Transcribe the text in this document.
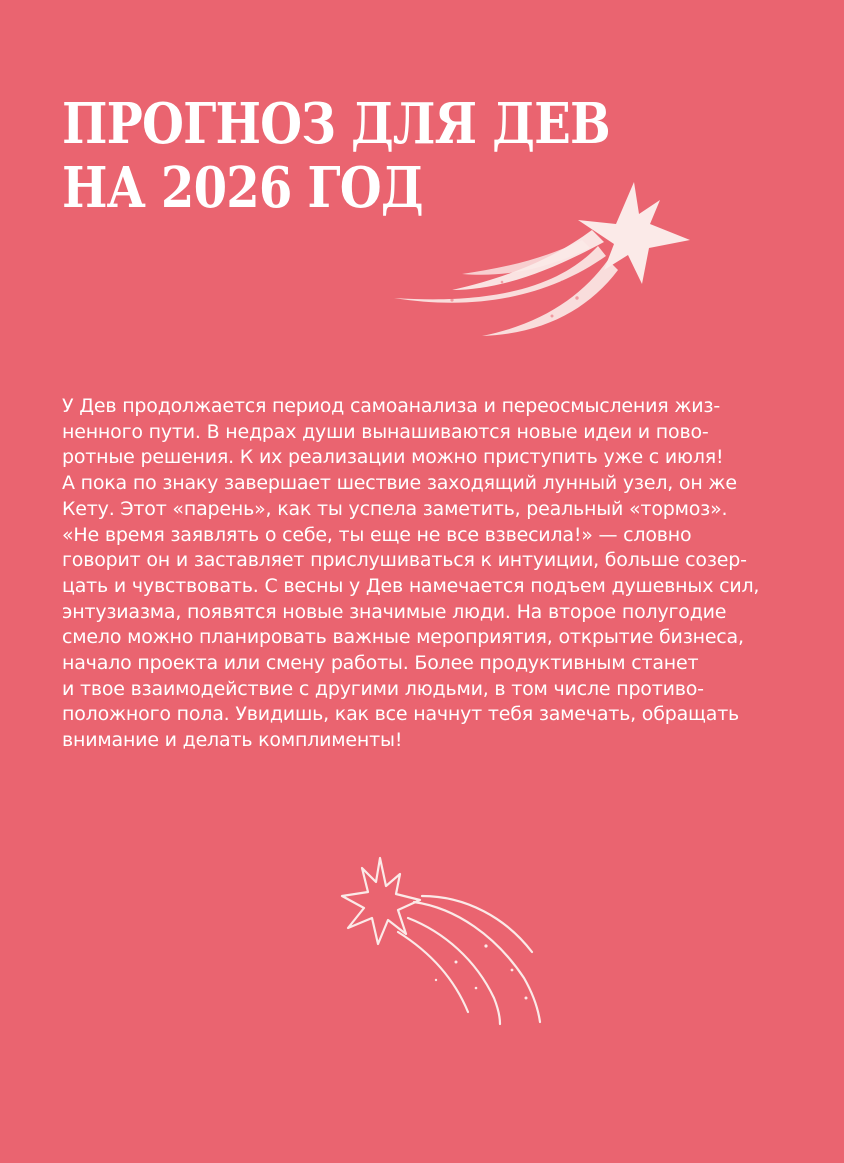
ПРОГНОЗ ДЛЯ ДЕВ
НА 2026 ГОД
У Дев продолжается период самоанализа и переосмысления жиз-
ненного пути. В недрах души вынашиваются новые идеи и пово-
ротные решения. К их реализации можно приступить уже с июля!
А пока по знаку завершает шествие заходящий лунный узел, он же
Кету. Этот «парень», как ты успела заметить, реальный «тормоз».
«Не время заявлять о себе, ты еще не все взвесила!» — словно
говорит он и заставляет прислушиваться к интуиции, больше созер-
цать и чувствовать. С весны у Дев намечается подъем душевных сил,
энтузиазма, появятся новые значимые люди. На второе полугодие
смело можно планировать важные мероприятия, открытие бизнеса,
начало проекта или смену работы. Более продуктивным станет
и твое взаимодействие с другими людьми, в том числе противо-
положного пола. Увидишь, как все начнут тебя замечать, обращать
внимание и делать комплименты!
